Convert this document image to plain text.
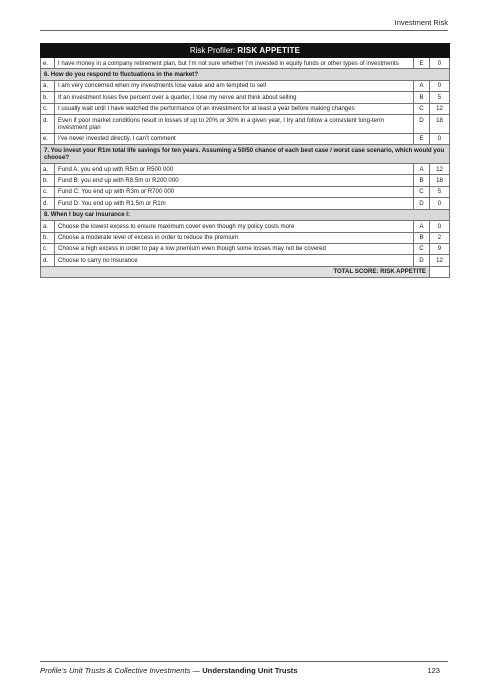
Investment Risk
Risk Profiler: RISK APPETITE			
e.	I have money in a company retirement plan, but I’m not sure whether I’m invested in equity funds or other types of investments	E	0
6. How do you respond to fluctuations in the market?			
a.	I am very concerned when my investments lose value and am tempted to sell	A	0
b.	If an investment loses five percent over a quarter, I lose my nerve and think about selling	B	5
c.	I usually wait until I have watched the performance of an investment for at least a year before making changes	C	12
d.	Even if poor market conditions result in losses of up to 20% or 30% in a given year, I try and follow a consistent long-term investment plan	D	18
e.	I’ve never invested directly, I can’t comment	E	0
7. You invest your R1m total life savings for ten years. Assuming a 50/50 chance of each best case / worst case scenario, which would you choose?			
a.	Fund A: you end up with R5m or R500 000	A	12
b.	Fund B: you end up with R8.5m or R200 000	B	18
c.	Fund C: You end up with R3m or R700 000	C	5
d.	Fund D: You end up with R1.5m or R1m	D	0
8. When I buy car insurance I:			
a.	Choose the lowest excess to ensure maximum cover even though my policy costs more	A	0
b.	Choose a moderate level of excess in order to reduce the premium	B	2
c.	Choose a high excess in order to pay a low premium even though some losses may not be covered	C	9
d.	Choose to carry no insurance	D	12
TOTAL SCORE: RISK APPETITE			
Profile’s Unit Trusts & Collective Investments — Understanding Unit Trusts	123
